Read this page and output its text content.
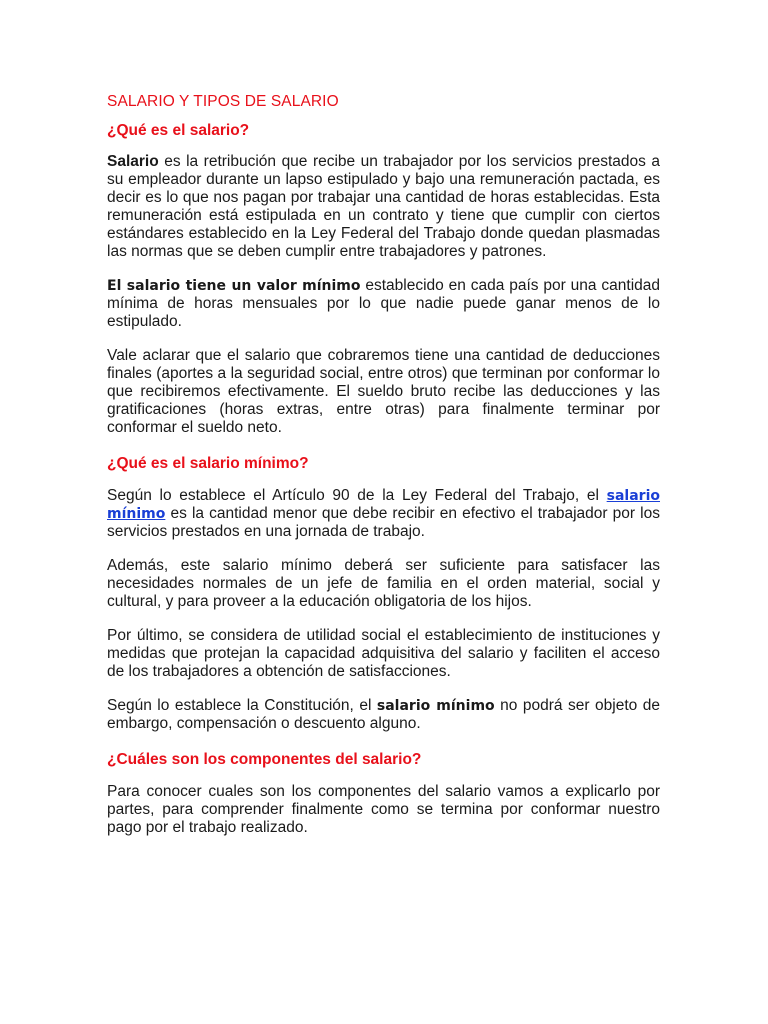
SALARIO Y TIPOS DE SALARIO
¿Qué es el salario?

Salario es la retribución que recibe un trabajador por los servicios prestados a su empleador durante un lapso estipulado y bajo una remuneración pactada, es decir es lo que nos pagan por trabajar una cantidad de horas establecidas. Esta remuneración está estipulada en un contrato y tiene que cumplir con ciertos estándares establecido en la Ley Federal del Trabajo donde quedan plasmadas las normas que se deben cumplir entre trabajadores y patrones.

El salario tiene un valor mínimo establecido en cada país por una cantidad mínima de horas mensuales por lo que nadie puede ganar menos de lo estipulado.

Vale aclarar que el salario que cobraremos tiene una cantidad de deducciones finales (aportes a la seguridad social, entre otros) que terminan por conformar lo que recibiremos efectivamente. El sueldo bruto recibe las deducciones y las gratificaciones (horas extras, entre otras) para finalmente terminar por conformar el sueldo neto.

¿Qué es el salario mínimo?

Según lo establece el Artículo 90 de la Ley Federal del Trabajo, el salario mínimo es la cantidad menor que debe recibir en efectivo el trabajador por los servicios prestados en una jornada de trabajo.

Además, este salario mínimo deberá ser suficiente para satisfacer las necesidades normales de un jefe de familia en el orden material, social y cultural, y para proveer a la educación obligatoria de los hijos.

Por último, se considera de utilidad social el establecimiento de instituciones y medidas que protejan la capacidad adquisitiva del salario y faciliten el acceso de los trabajadores a obtención de satisfacciones.

Según lo establece la Constitución, el salario mínimo no podrá ser objeto de embargo, compensación o descuento alguno.

¿Cuáles son los componentes del salario?

Para conocer cuales son los componentes del salario vamos a explicarlo por partes, para comprender finalmente como se termina por conformar nuestro pago por el trabajo realizado.
